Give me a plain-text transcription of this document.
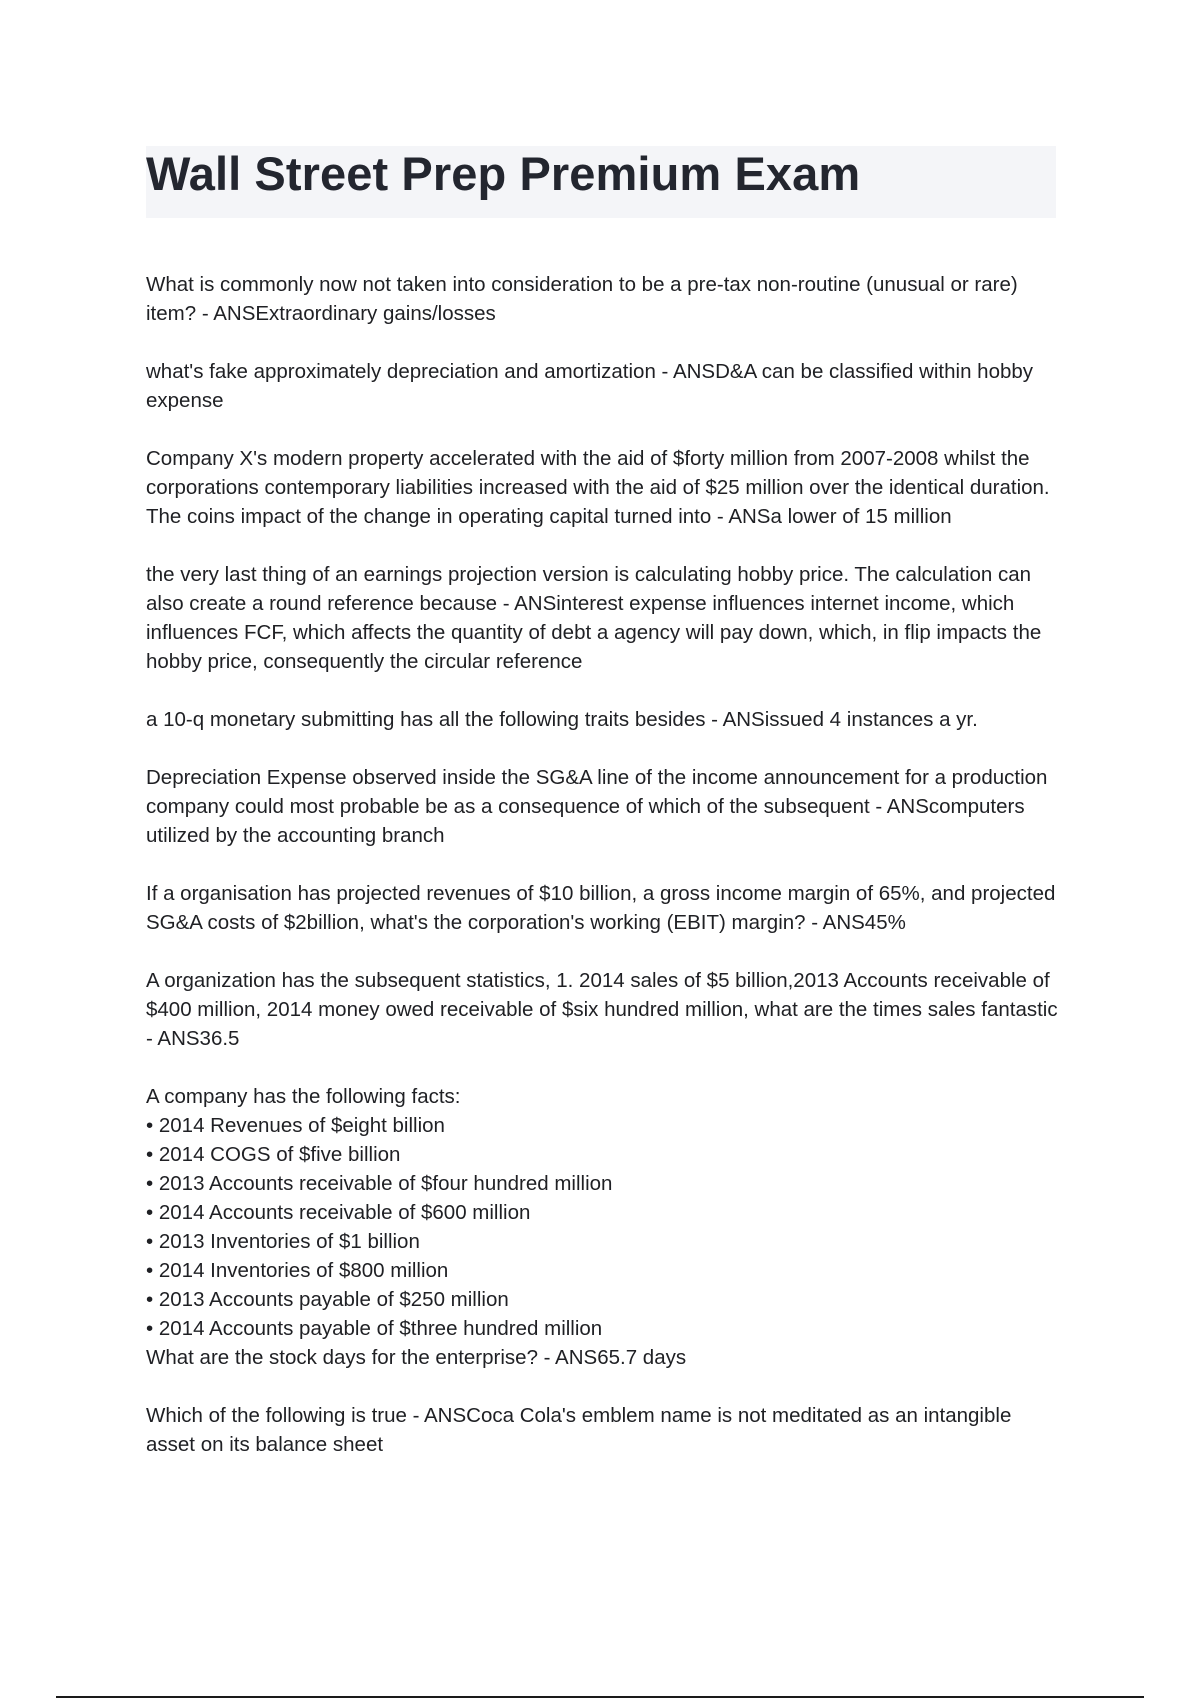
Wall Street Prep Premium Exam

What is commonly now not taken into consideration to be a pre-tax non-routine (unusual or rare) item? - ANSExtraordinary gains/losses

what's fake approximately depreciation and amortization - ANSD&A can be classified within hobby expense

Company X's modern property accelerated with the aid of $forty million from 2007-2008 whilst the corporations contemporary liabilities increased with the aid of $25 million over the identical duration. The coins impact of the change in operating capital turned into - ANSa lower of 15 million

the very last thing of an earnings projection version is calculating hobby price. The calculation can also create a round reference because - ANSinterest expense influences internet income, which influences FCF, which affects the quantity of debt a agency will pay down, which, in flip impacts the hobby price, consequently the circular reference

a 10-q monetary submitting has all the following traits besides - ANSissued 4 instances a yr.

Depreciation Expense observed inside the SG&A line of the income announcement for a production company could most probable be as a consequence of which of the subsequent - ANScomputers utilized by the accounting branch

If a organisation has projected revenues of $10 billion, a gross income margin of 65%, and projected SG&A costs of $2billion, what's the corporation's working (EBIT) margin? - ANS45%

A organization has the subsequent statistics, 1. 2014 sales of $5 billion,2013 Accounts receivable of $400 million, 2014 money owed receivable of $six hundred million, what are the times sales fantastic - ANS36.5

A company has the following facts:

• 2014 Revenues of $eight billion
• 2014 COGS of $five billion
• 2013 Accounts receivable of $four hundred million
• 2014 Accounts receivable of $600 million
• 2013 Inventories of $1 billion
• 2014 Inventories of $800 million
• 2013 Accounts payable of $250 million
• 2014 Accounts payable of $three hundred million

What are the stock days for the enterprise? - ANS65.7 days

Which of the following is true - ANSCoca Cola's emblem name is not meditated as an intangible asset on its balance sheet
